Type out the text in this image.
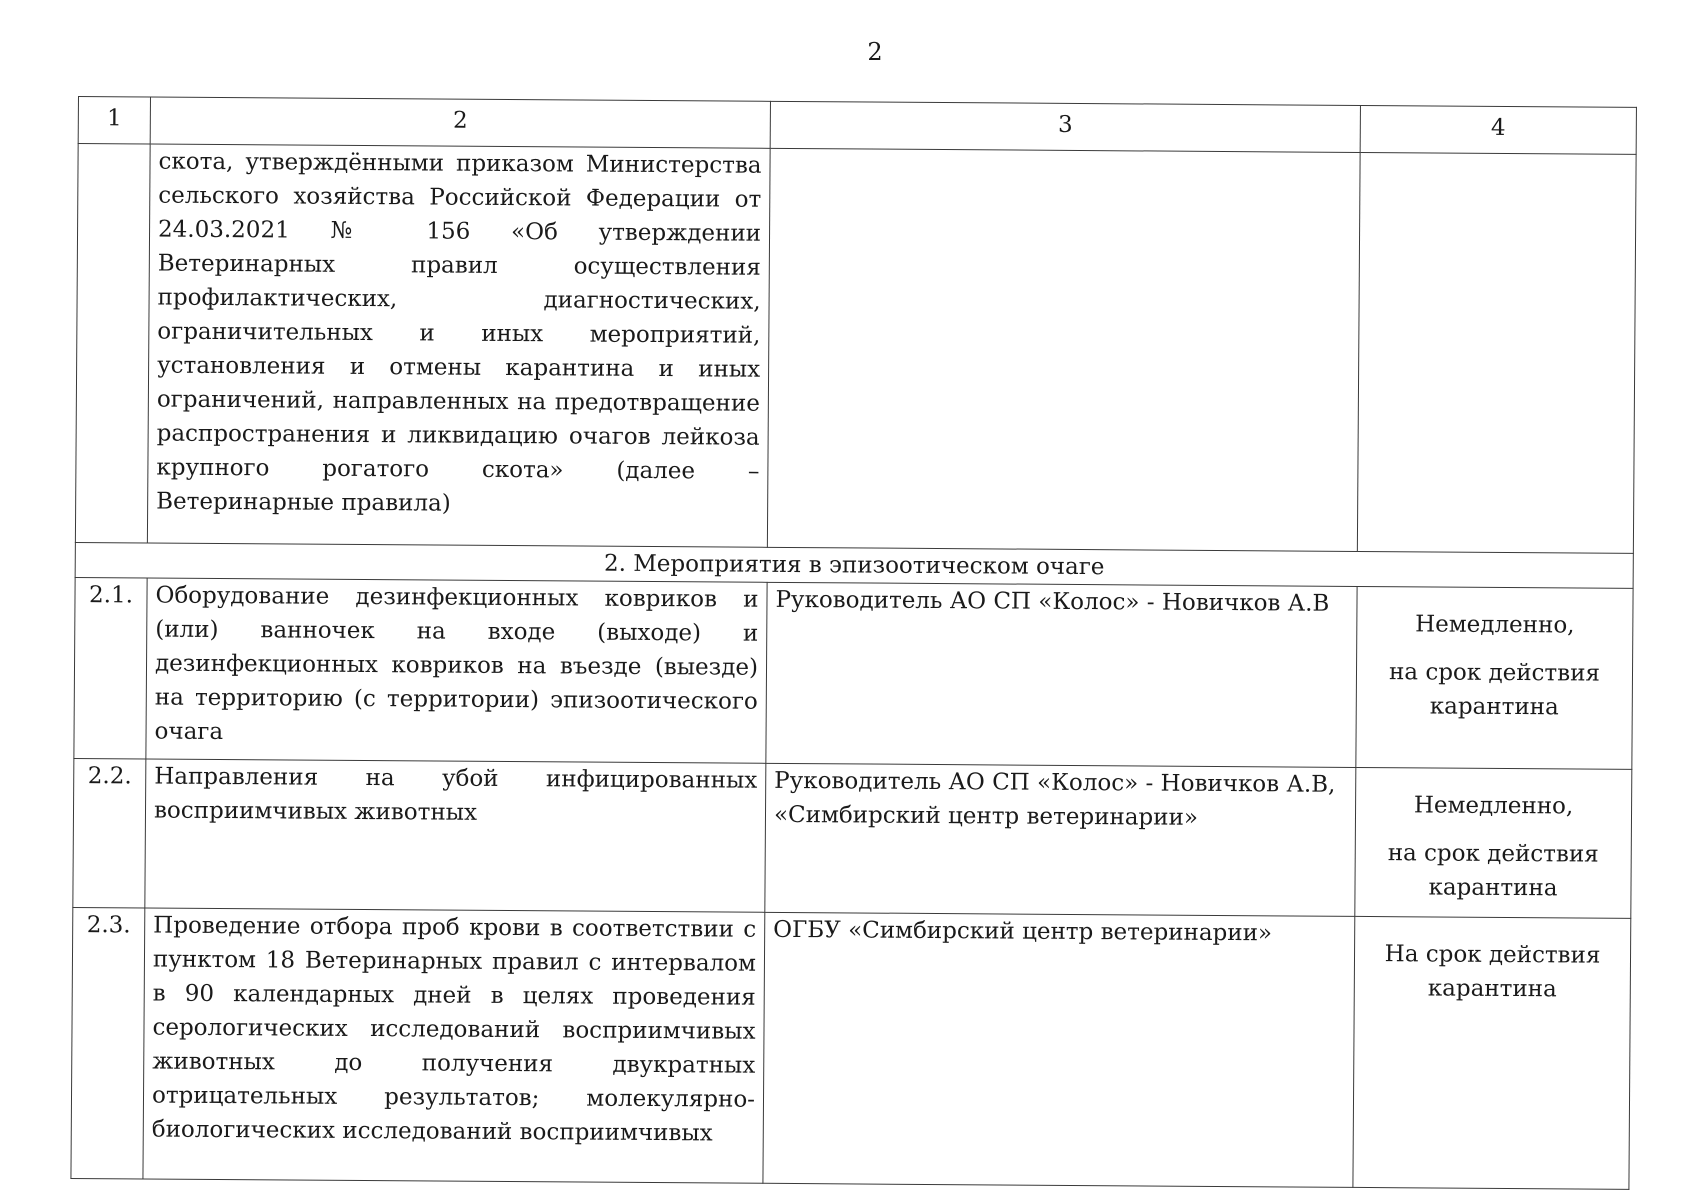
2
1	2	3	4
	скота, утверждёнными приказом Министерства сельского хозяйства Российской Федерации от 24.03.2021 № 156 «Об утверждении Ветеринарных правил осуществления профилактических, диагностических, ограничительных и иных мероприятий, установления и отмены карантина и иных ограничений, направленных на предотвращение распространения и ликвидацию очагов лейкоза крупного рогатого скота» (далее – Ветеринарные правила)		
2. Мероприятия в эпизоотическом очаге			
2.1.	Оборудование дезинфекционных ковриков и (или) ванночек на входе (выходе) и дезинфекционных ковриков на въезде (выезде) на территорию (с территории) эпизоотического очага	Руководитель АО СП «Колос» - Новичков А.В	Немедленно,
на срок действия карантина

2.2.	Направления на убой инфицированных восприимчивых животных	Руководитель АО СП «Колос» - Новичков А.В, «Симбирский центр ветеринарии»	Немедленно,
на срок действия карантина

2.3.	Проведение отбора проб крови в соответствии с пунктом 18 Ветеринарных правил с интервалом в 90 календарных дней в целях проведения серологических исследований восприимчивых животных до получения двукратных отрицательных результатов; молекулярно-биологических исследований восприимчивых	ОГБУ «Симбирский центр ветеринарии»	На срок действия карантина
